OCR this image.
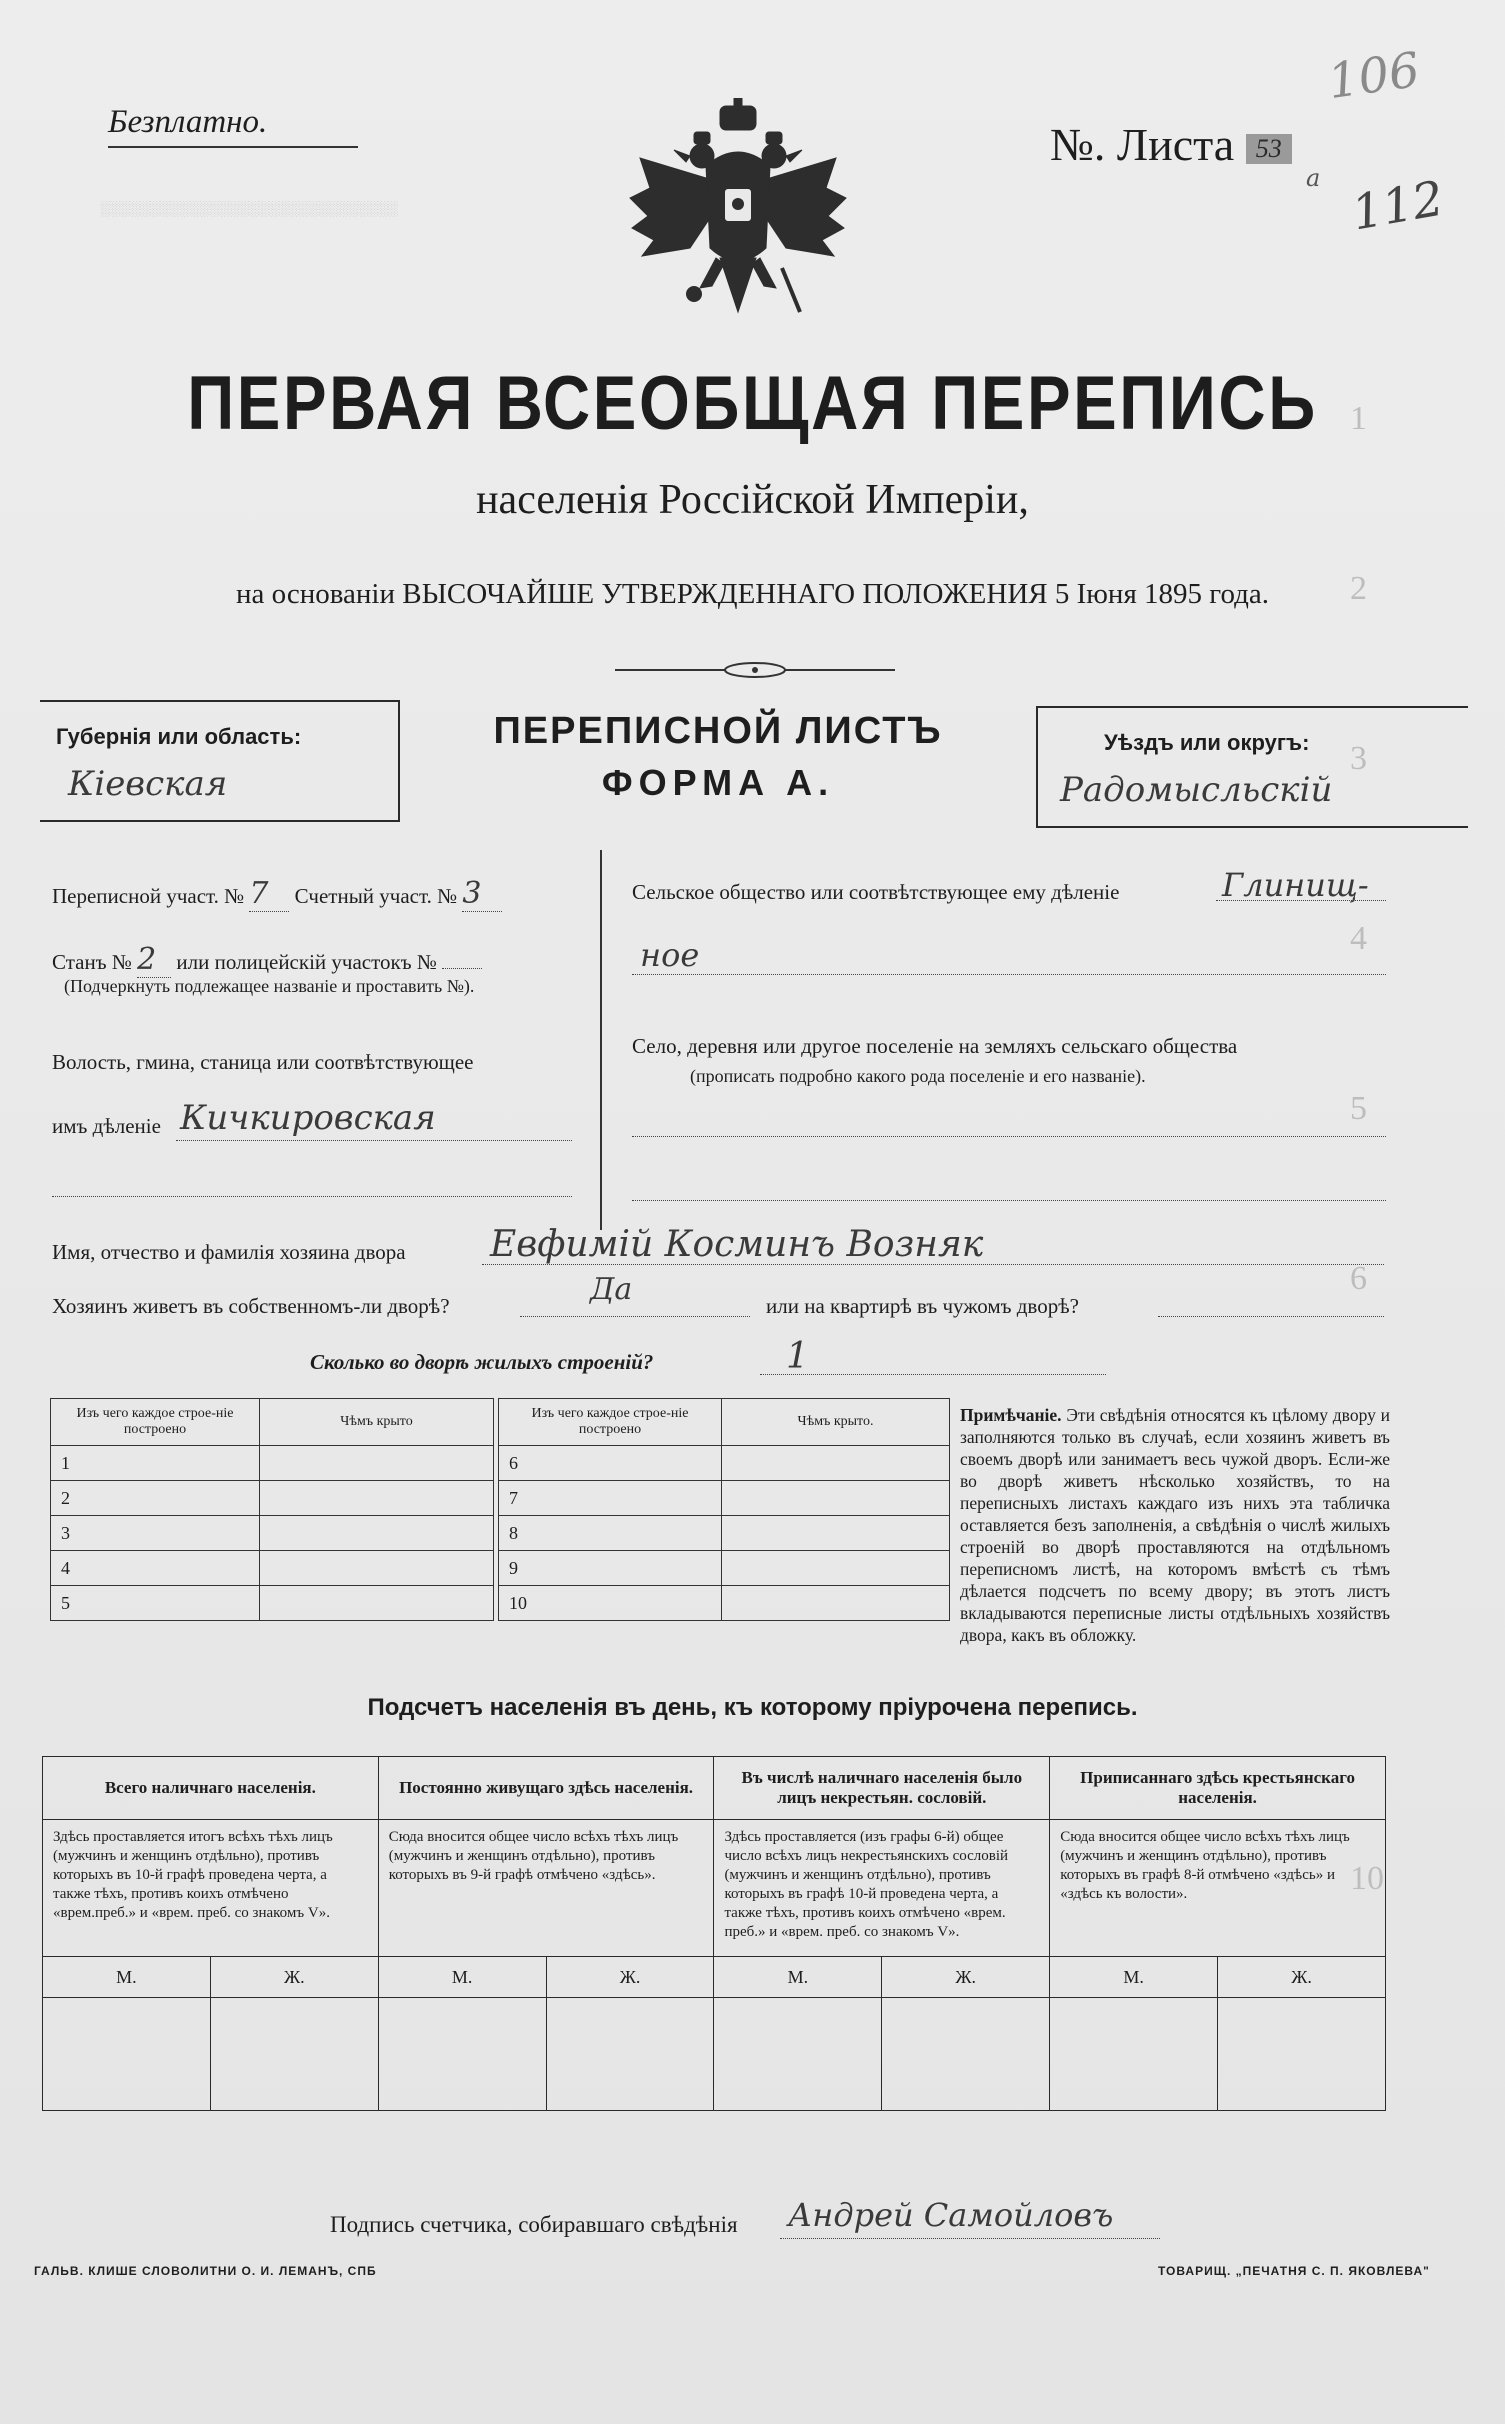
░░░░░░░░░░░░░░░░░░░░░░░░░░░░░░
1
2
3
4
5
6
10
Безплатно.	№. Листа 53
106
а 112
ПЕРВАЯ ВСЕОБЩАЯ ПЕРЕПИСЬ
населенія Россійской Имперіи,
на основаніи ВЫСОЧАЙШЕ УТВЕРЖДЕННАГО ПОЛОЖЕНИЯ 5 Іюня 1895 года.
Губернія или область:
Кіевская
ПЕРЕПИСНОЙ ЛИСТЪ
ФОРМА А.
Уѣздъ или округъ:
Радомысльскій
Переписной участ. № 7 Счетный участ. № 3
Станъ № 2 или полицейскій участокъ №
(Подчеркнуть подлежащее названіе и проставить №).
Волость, гмина, станица или соотвѣтствующее
имъ дѣленіе Кичкировская
Сельское общество или соотвѣтствующее ему дѣленіе	Глинищ-
ное
Село, деревня или другое поселеніе на земляхъ сельскаго общества
(прописать подробно какого рода поселеніе и его названіе).
Имя, отчество и фамилія хозяина двора Евфимій Косминъ Возняк
Хозяинъ живетъ въ собственномъ-ли дворѣ?	Да	или на квартирѣ въ чужомъ дворѣ?
Сколько во дворѣ жилыхъ строеній?	1
Изъ чего каждое строе-ніе построено	Чѣмъ крыто
1	
2	
3	
4	
5	
Изъ чего каждое строе-ніе построено	Чѣмъ крыто.
6	
7	
8	
9	
10	
Примѣчаніе. Эти свѣдѣнія относятся къ цѣлому двору и заполняются только въ случаѣ, если хозяинъ живетъ въ своемъ дворѣ или занимаетъ весь чужой дворъ. Если-же во дворѣ живетъ нѣсколько хозяйствъ, то на переписныхъ листахъ каждаго изъ нихъ эта табличка оставляется безъ заполненія, а свѣдѣнія о числѣ жилыхъ строеній во дворѣ проставляются на отдѣльномъ переписномъ листѣ, на которомъ вмѣстѣ съ тѣмъ дѣлается подсчетъ по всему двору; въ этотъ листъ вкладываются переписные листы отдѣльныхъ хозяйствъ двора, какъ въ обложку.
Подсчетъ населенія въ день, къ которому пріурочена перепись.
Всего наличнаго населенія.		Постоянно живущаго здѣсь населенія.		Въ числѣ наличнаго населенія было лицъ некрестьян. сословій.		Приписаннаго здѣсь крестьянскаго населенія.	
Здѣсь проставляется итогъ всѣхъ тѣхъ лицъ (мужчинъ и женщинъ отдѣльно), противъ которыхъ въ 10-й графѣ проведена черта, а также тѣхъ, противъ коихъ отмѣчено «врем.преб.» и «врем. преб. со знакомъ V».		Сюда вносится общее число всѣхъ тѣхъ лицъ (мужчинъ и женщинъ отдѣльно), противъ которыхъ въ 9-й графѣ отмѣчено «здѣсь».		Здѣсь проставляется (изъ графы 6-й) общее число всѣхъ лицъ некрестьянскихъ сословій (мужчинъ и женщинъ отдѣльно), противъ которыхъ въ графѣ 10-й проведена черта, а также тѣхъ, противъ коихъ отмѣчено «врем. преб.» и «врем. преб. со знакомъ V».		Сюда вносится общее число всѣхъ тѣхъ лицъ (мужчинъ и женщинъ отдѣльно), противъ которыхъ въ графѣ 8-й отмѣчено «здѣсь» и «здѣсь къ волости».	
М.	Ж.	М.	Ж.	М.	Ж.	М.	Ж.

Подпись счетчика, собиравшаго свѣдѣнія Андрей Самойловъ
ГАЛЬВ. КЛИШЕ СЛОВОЛИТНИ О. И. ЛЕМАНЪ, СПБ	ТОВАРИЩ. „ПЕЧАТНЯ С. П. ЯКОВЛЕВА"
